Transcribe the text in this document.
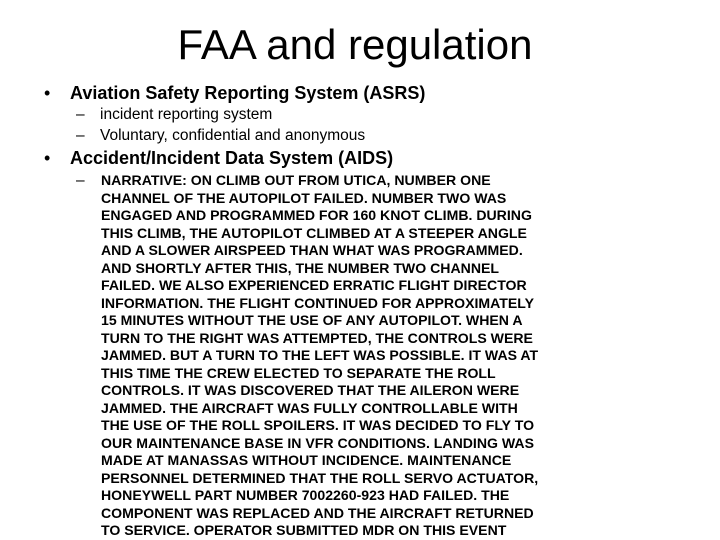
FAA and regulation
• Aviation Safety Reporting System (ASRS)
– incident reporting system
– Voluntary, confidential and anonymous
• Accident/Incident Data System (AIDS)
– NARRATIVE: ON CLIMB OUT FROM UTICA, NUMBER ONE
CHANNEL OF THE AUTOPILOT FAILED. NUMBER TWO WAS
ENGAGED AND PROGRAMMED FOR 160 KNOT CLIMB. DURING
THIS CLIMB, THE AUTOPILOT CLIMBED AT A STEEPER ANGLE
AND A SLOWER AIRSPEED THAN WHAT WAS PROGRAMMED.
AND SHORTLY AFTER THIS, THE NUMBER TWO CHANNEL
FAILED. WE ALSO EXPERIENCED ERRATIC FLIGHT DIRECTOR
INFORMATION. THE FLIGHT CONTINUED FOR APPROXIMATELY
15 MINUTES WITHOUT THE USE OF ANY AUTOPILOT. WHEN A
TURN TO THE RIGHT WAS ATTEMPTED, THE CONTROLS WERE
JAMMED. BUT A TURN TO THE LEFT WAS POSSIBLE. IT WAS AT
THIS TIME THE CREW ELECTED TO SEPARATE THE ROLL
CONTROLS. IT WAS DISCOVERED THAT THE AILERON WERE
JAMMED. THE AIRCRAFT WAS FULLY CONTROLLABLE WITH
THE USE OF THE ROLL SPOILERS. IT WAS DECIDED TO FLY TO
OUR MAINTENANCE BASE IN VFR CONDITIONS. LANDING WAS
MADE AT MANASSAS WITHOUT INCIDENCE. MAINTENANCE
PERSONNEL DETERMINED THAT THE ROLL SERVO ACTUATOR,
HONEYWELL PART NUMBER 7002260-923 HAD FAILED. THE
COMPONENT WAS REPLACED AND THE AIRCRAFT RETURNED
TO SERVICE. OPERATOR SUBMITTED MDR ON THIS EVENT
